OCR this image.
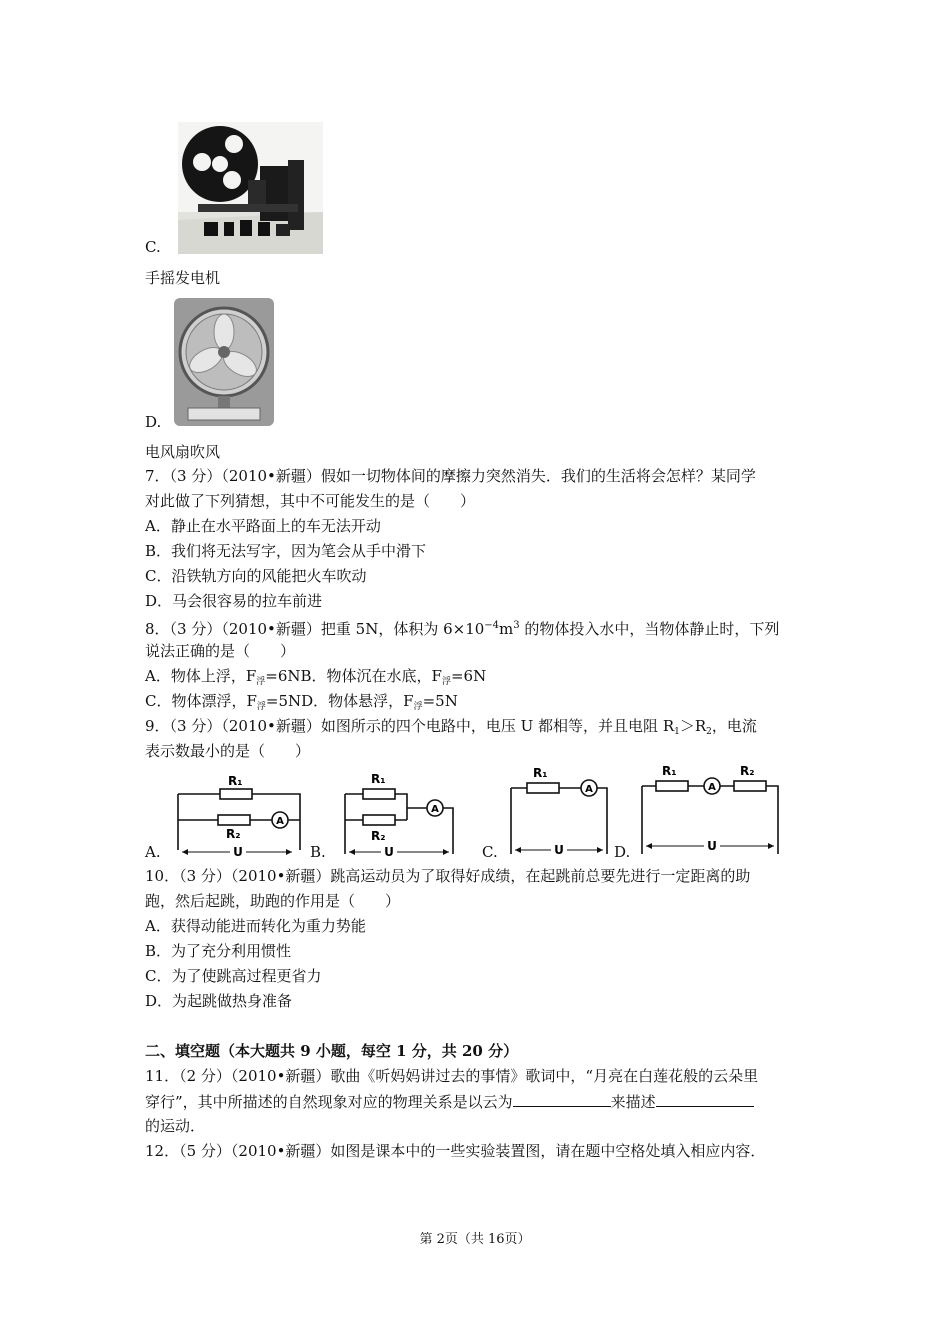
C.
手摇发电机
D.
电风扇吹风
7．（3 分）（2010•新疆）假如一切物体间的摩擦力突然消失．我们的生活将会怎样？某同学
对此做了下列猜想，其中不可能发生的是（　　）
A．静止在水平路面上的车无法开动
B．我们将无法写字，因为笔会从手中滑下
C．沿铁轨方向的风能把火车吹动
D．马会很容易的拉车前进
8．（3 分）（2010•新疆）把重 5N，体积为 $6\times 10^{-4}m^3$ 的物体投入水中，当物体静止时，下列
说法正确的是（　　）
A．物体上浮，$F_浮=6NB$．物体沉在水底，$F_浮=6N$
C．物体漂浮，$F_浮=5ND$．物体悬浮，$F_浮=5N$
9．（3 分）（2010•新疆）如图所示的四个电路中，电压 U 都相等，并且电阻 $R_1>R_2$，电流
表示数最小的是（　　）
A.
A
R₁
R₂
U	B.
A
R₁
R₂
U	C.
A
R₁
U	D.
A
R₁	R₂
U
10．（3 分）（2010•新疆）跳高运动员为了取得好成绩，在起跳前总要先进行一定距离的助
跑，然后起跳，助跑的作用是（　　）
A．获得动能进而转化为重力势能
B．为了充分利用惯性
C．为了使跳高过程更省力
D．为起跳做热身准备
二、填空题（本大题共 9 小题，每空 1 分，共 20 分）
11．（2 分）（2010•新疆）歌曲《听妈妈讲过去的事情》歌词中，“月亮在白莲花般的云朵里
穿行”，其中所描述的自然现象对应的物理关系是以云为	来描述
的运动．
12．（5 分）（2010•新疆）如图是课本中的一些实验装置图，请在题中空格处填入相应内容．
第 2页（共 16页）
